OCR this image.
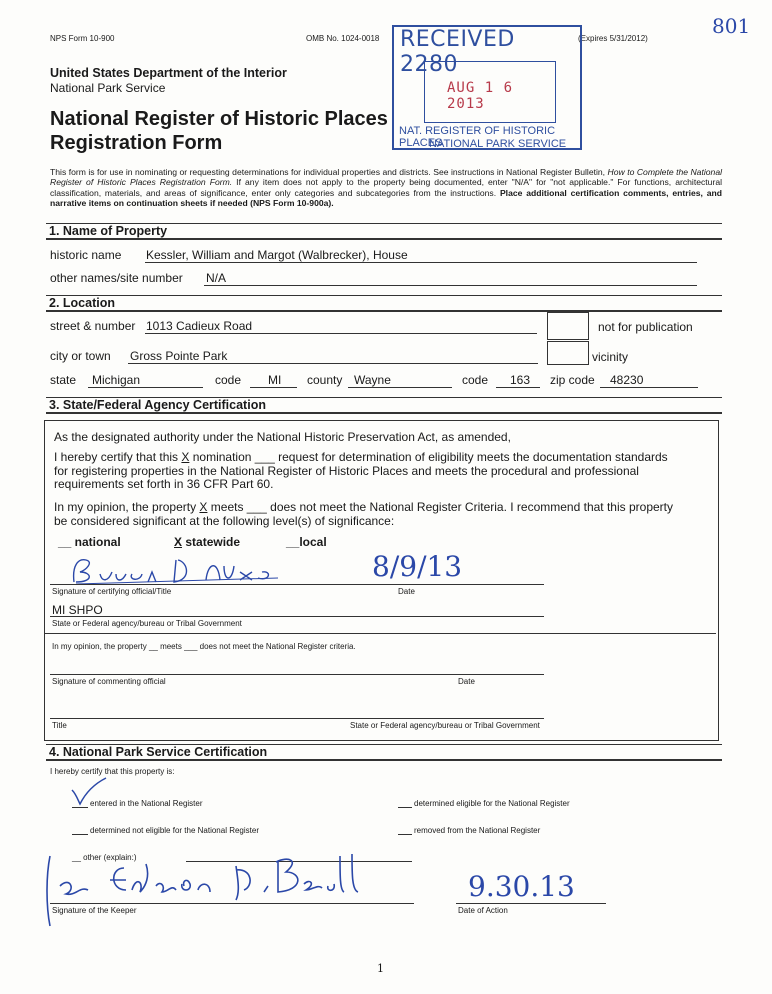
NPS Form 10-900	OMB No. 1024-0018	(Expires 5/31/2012)
801
RECEIVED 2280
AUG 1 6 2013
NAT. REGISTER OF HISTORIC PLACES
NATIONAL PARK SERVICE
United States Department of the Interior
National Park Service
National Register of Historic Places
Registration Form

This form is for use in nominating or requesting determinations for individual properties and districts. See instructions in National Register Bulletin, How to Complete the National Register of Historic Places Registration Form. If any item does not apply to the property being documented, enter "N/A" for "not applicable." For functions, architectural classification, materials, and areas of significance, enter only categories and subcategories from the instructions. Place additional certification comments, entries, and narrative items on continuation sheets if needed (NPS Form 10-900a).

1. Name of Property
historic name Kessler, William and Margot (Walbrecker), House
other names/site number N/A
2. Location
street & number 1013 Cadieux Road	not for publication
city or town Gross Pointe Park	vicinity
state Michigan	code MI county Wayne	code 163 zip code 48230
3. State/Federal Agency Certification
As the designated authority under the National Historic Preservation Act, as amended,
I hereby certify that this X nomination ___ request for determination of eligibility meets the documentation standards
for registering properties in the National Register of Historic Places and meets the procedural and professional
requirements set forth in 36 CFR Part 60.
In my opinion, the property X meets ___ does not meet the National Register Criteria. I recommend that this property
be considered significant at the following level(s) of significance:
__ national	X statewide	__local
8/9/13
Signature of certifying official/Title	Date
MI SHPO
State or Federal agency/bureau or Tribal Government
In my opinion, the property __ meets ___ does not meet the National Register criteria.
Signature of commenting official	Date
Title	State or Federal agency/bureau or Tribal Government
4. National Park Service Certification
I hereby certify that this property is:
entered in the National Register	determined eligible for the National Register
determined not eligible for the National Register	removed from the National Register
__ other (explain:)
9.30.13
Signature of the Keeper	Date of Action
1
